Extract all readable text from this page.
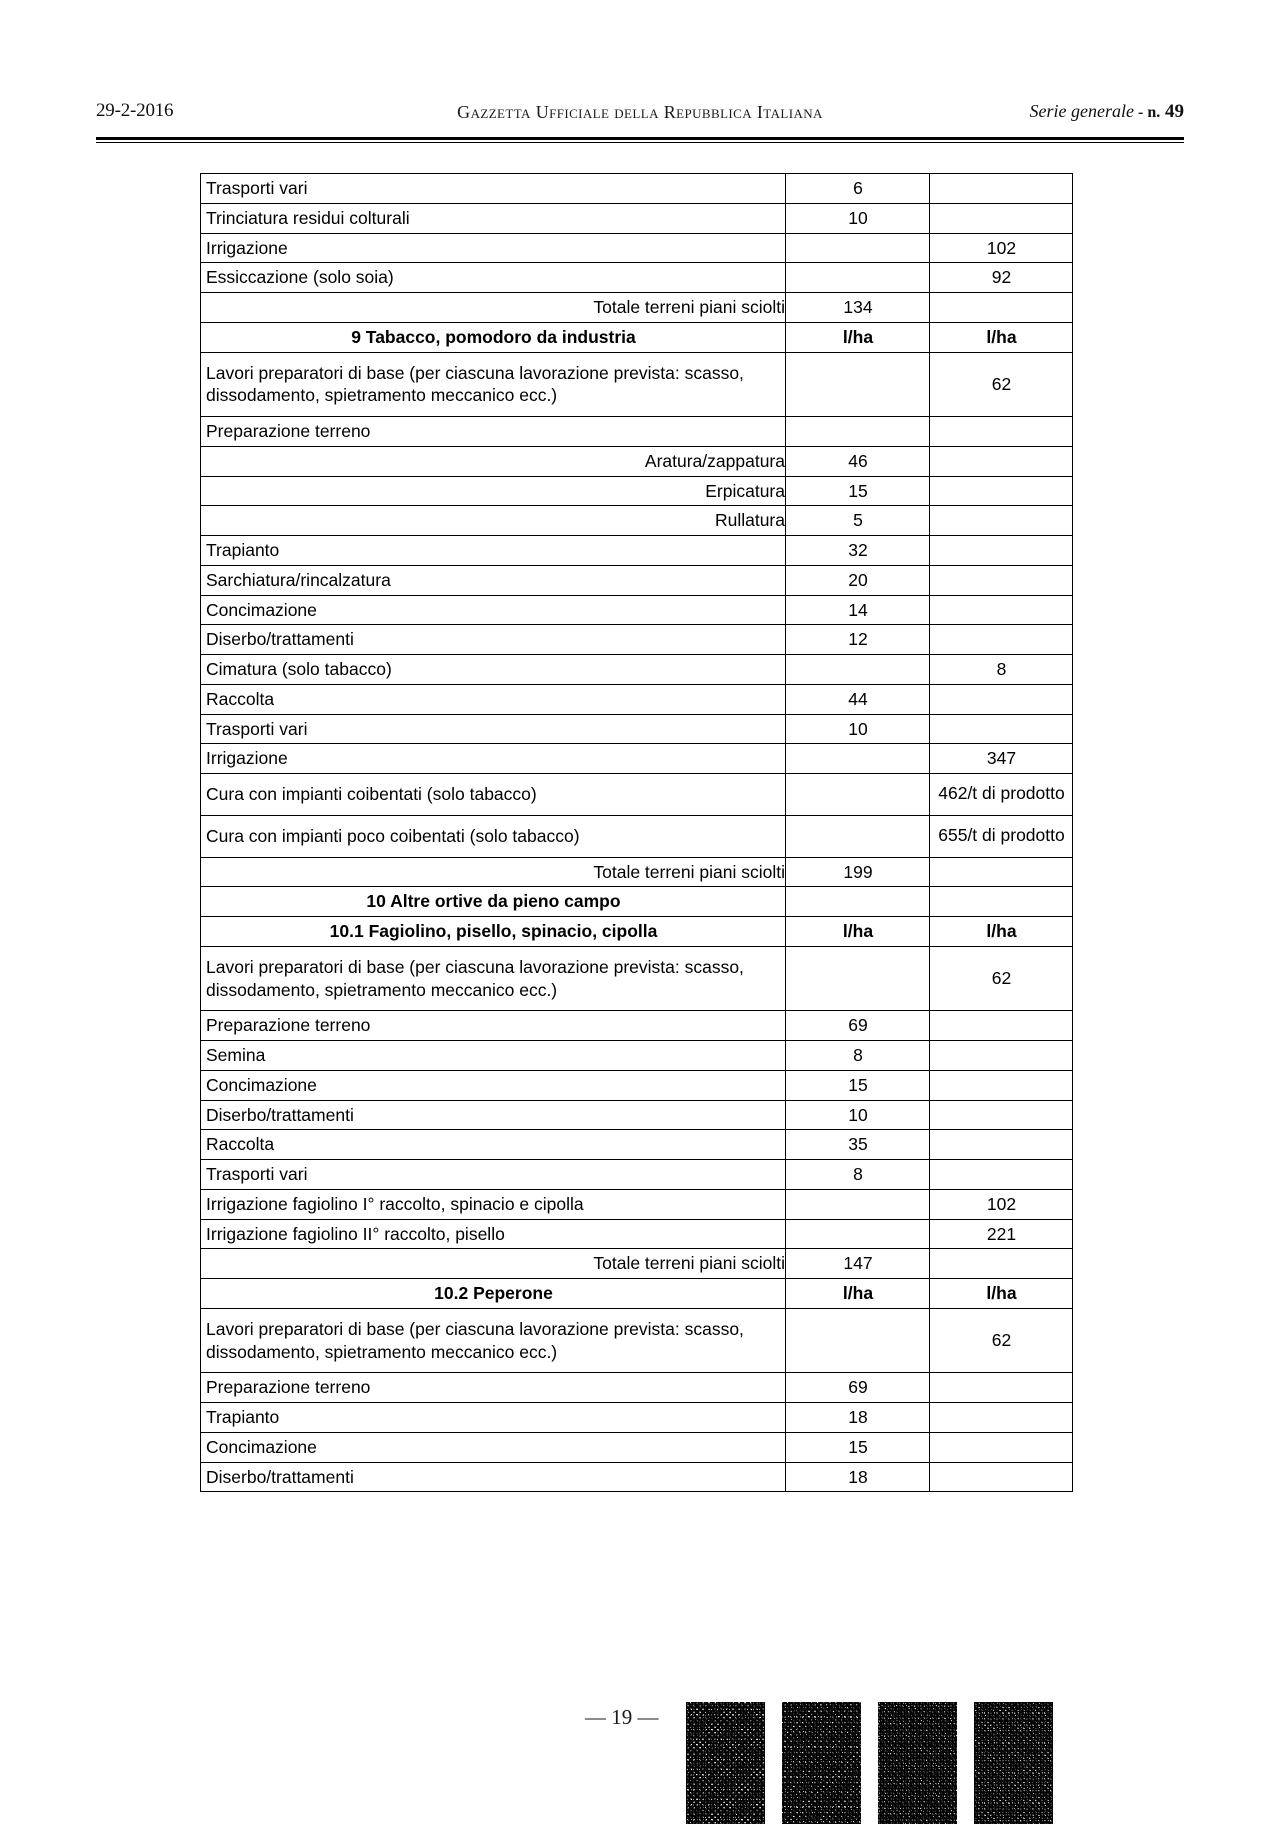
29-2-2016	Gazzetta Ufficiale della Repubblica Italiana	Serie generale - n. 49
Trasporti vari	6	
Trinciatura residui colturali	10	
Irrigazione		102
Essiccazione (solo soia)		92
Totale terreni piani sciolti	134	
9 Tabacco, pomodoro da industria	l/ha	l/ha
Lavori preparatori di base (per ciascuna lavorazione prevista: scasso, dissodamento, spietramento meccanico ecc.)		62
Preparazione terreno		
Aratura/zappatura	46	
Erpicatura	15	
Rullatura	5	
Trapianto	32	
Sarchiatura/rincalzatura	20	
Concimazione	14	
Diserbo/trattamenti	12	
Cimatura (solo tabacco)		8
Raccolta	44	
Trasporti vari	10	
Irrigazione		347
Cura con impianti coibentati (solo tabacco)		462/t di prodotto
Cura con impianti poco coibentati (solo tabacco)		655/t di prodotto
Totale terreni piani sciolti	199	
10 Altre ortive da pieno campo		
10.1 Fagiolino, pisello, spinacio, cipolla	l/ha	l/ha
Lavori preparatori di base (per ciascuna lavorazione prevista: scasso, dissodamento, spietramento meccanico ecc.)		62
Preparazione terreno	69	
Semina	8	
Concimazione	15	
Diserbo/trattamenti	10	
Raccolta	35	
Trasporti vari	8	
Irrigazione fagiolino I° raccolto, spinacio e cipolla		102
Irrigazione fagiolino II° raccolto, pisello		221
Totale terreni piani sciolti	147	
10.2 Peperone	l/ha	l/ha
Lavori preparatori di base (per ciascuna lavorazione prevista: scasso, dissodamento, spietramento meccanico ecc.)		62
Preparazione terreno	69	
Trapianto	18	
Concimazione	15	
Diserbo/trattamenti	18	
— 19 —
